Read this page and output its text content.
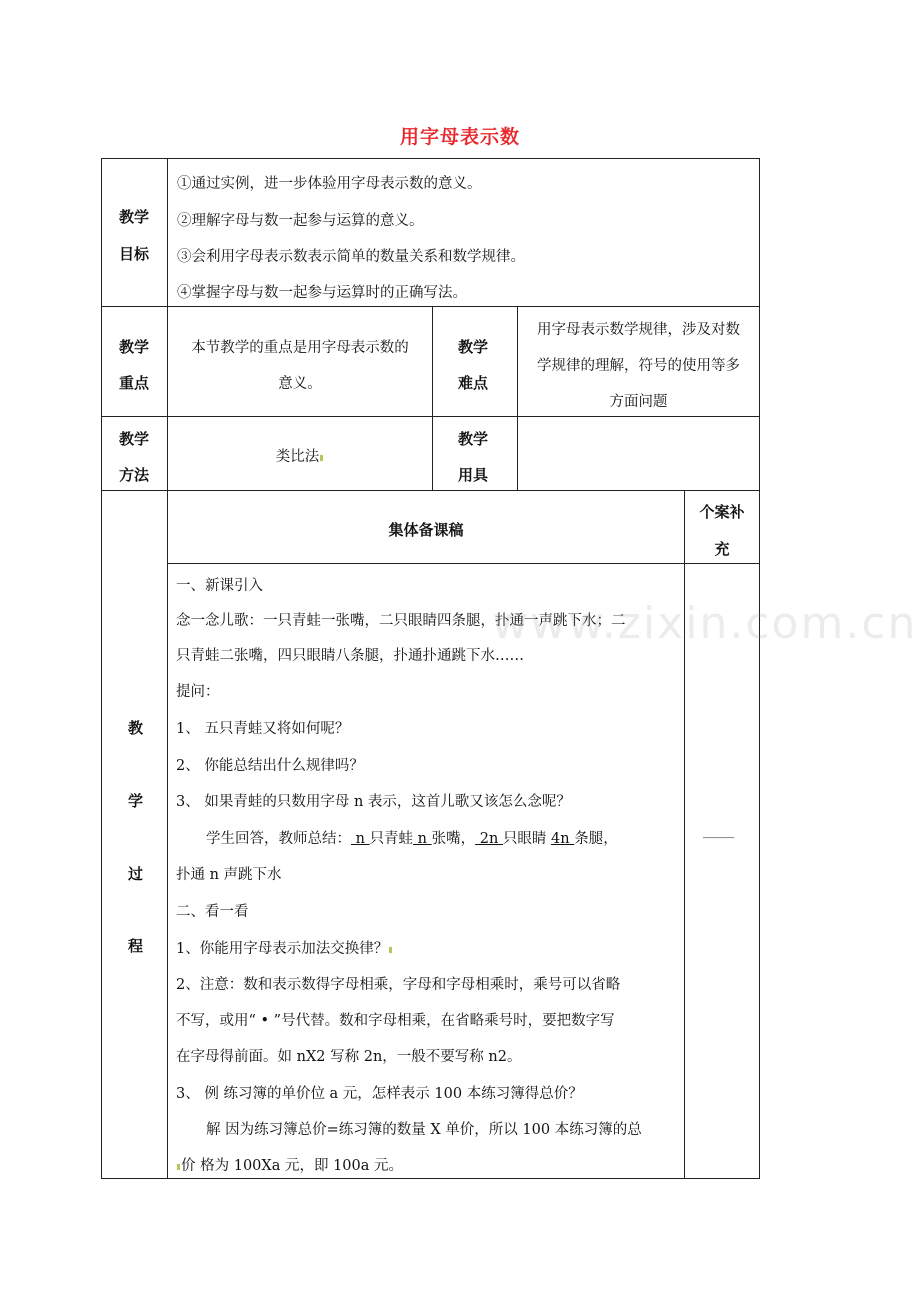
用字母表示数
教学
目标
①通过实例，进一步体验用字母表示数的意义。
②理解字母与数一起参与运算的意义。
③会利用字母表示数表示简单的数量关系和数学规律。
④掌握字母与数一起参与运算时的正确写法。
教学
重点
本节教学的重点是用字母表示数的
意义。
教学
难点
用字母表示数学规律，涉及对数
学规律的理解，符号的使用等多
方面问题
教学
方法
类比法
教学
用具
教
学
过
程
集体备课稿
个案补
充
一、新课引入
念一念儿歌：一只青蛙一张嘴，二只眼睛四条腿，扑通一声跳下水；二
只青蛙二张嘴，四只眼睛八条腿，扑通扑通跳下水……
提问：
1、 五只青蛙又将如何呢？
2、 你能总结出什么规律吗？
3、 如果青蛙的只数用字母 n 表示，这首儿歌又该怎么念呢？
学生回答，教师总结： n 只青蛙 n 张嘴， 2n 只眼睛 4n 条腿，
扑通 n 声跳下水
二、看一看
1、你能用字母表示加法交换律？
2、注意：数和表示数得字母相乘，字母和字母相乘时，乘号可以省略
不写，或用“ • ”号代替。数和字母相乘，在省略乘号时，要把数字写
在字母得前面。如 nX2 写称 2n，一般不要写称 n2。
3、 例 练习簿的单价位 a 元，怎样表示 100 本练习簿得总价？
解 因为练习簿总价=练习簿的数量 X 单价，所以 100 本练习簿的总
价 格为 100Xa 元，即 100a 元。
____
www.zixin.com.cn
